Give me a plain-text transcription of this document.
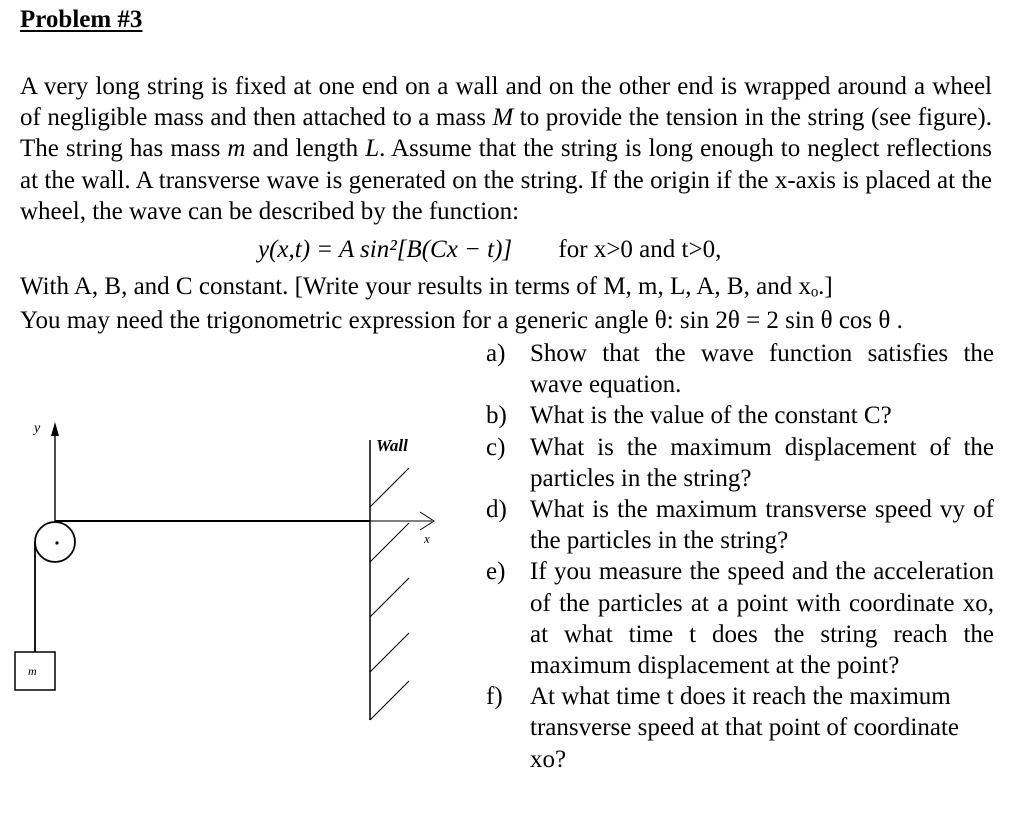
Problem #3

A very long string is fixed at one end on a wall and on the other end is wrapped around a wheel of negligible mass and then attached to a mass M to provide the tension in the string (see figure). The string has mass m and length L. Assume that the string is long enough to neglect reflections at the wall. A transverse wave is generated on the string. If the origin if the x-axis is placed at the wheel, the wave can be described by the function:

y(x,t) = A sin²[B(Cx − t)] for x>0 and t>0,
With A, B, and C constant. [Write your results in terms of M, m, L, A, B, and xₒ.]
You may need the trigonometric expression for a generic angle θ: sin 2θ = 2 sin θ cos θ .
a) Show that the wave function satisfies the wave equation.
b) What is the value of the constant C?
c) What is the maximum displacement of the particles in the string?
d) What is the maximum transverse speed vy of the particles in the string?
e) If you measure the speed and the acceleration of the particles at a point with coordinate xo, at what time t does the string reach the maximum displacement at the point?
f) At what time t does it reach the maximum transverse speed at that point of coordinate xo?
y
m
x
Wall
